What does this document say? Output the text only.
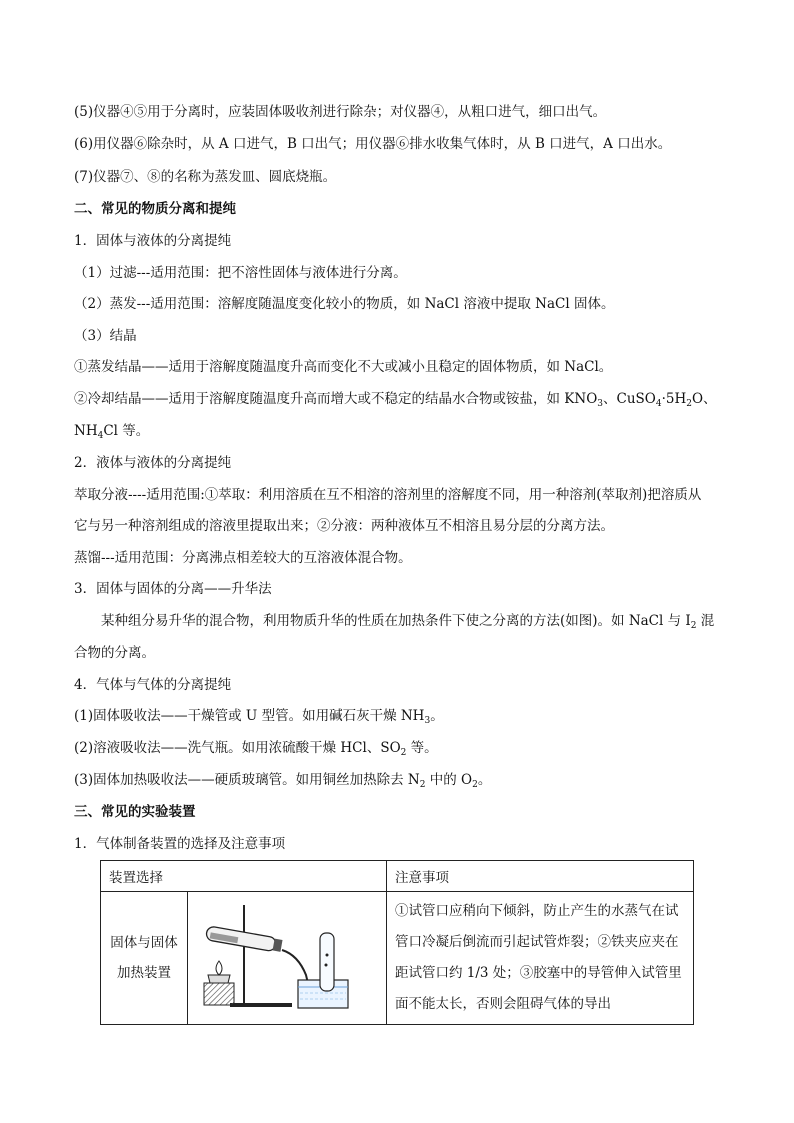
(5)仪器④⑤用于分离时，应装固体吸收剂进行除杂；对仪器④，从粗口进气，细口出气。
(6)用仪器⑥除杂时，从 A 口进气，B 口出气；用仪器⑥排水收集气体时，从 B 口进气，A 口出水。
(7)仪器⑦、⑧的名称为蒸发皿、圆底烧瓶。
二、常见的物质分离和提纯
1．固体与液体的分离提纯
（1）过滤---适用范围：把不溶性固体与液体进行分离。
（2）蒸发---适用范围：溶解度随温度变化较小的物质，如 NaCl 溶液中提取 NaCl 固体。
（3）结晶
①蒸发结晶——适用于溶解度随温度升高而变化不大或减小且稳定的固体物质，如 NaCl。
②冷却结晶——适用于溶解度随温度升高而增大或不稳定的结晶水合物或铵盐，如 $KNO_3$、$CuSO_4\cdot 5H_2O$、
$NH_4Cl$ 等。
2．液体与液体的分离提纯
萃取分液----适用范围:①萃取：利用溶质在互不相溶的溶剂里的溶解度不同，用一种溶剂(萃取剂)把溶质从
它与另一种溶剂组成的溶液里提取出来；②分液：两种液体互不相溶且易分层的分离方法。
蒸馏---适用范围：分离沸点相差较大的互溶液体混合物。
3．固体与固体的分离——升华法
某种组分易升华的混合物，利用物质升华的性质在加热条件下使之分离的方法(如图)。如 NaCl 与 $I_2$ 混
合物的分离。
4．气体与气体的分离提纯
(1)固体吸收法——干燥管或 U 型管。如用碱石灰干燥 $NH_3$。
(2)溶液吸收法——洗气瓶。如用浓硫酸干燥 HCl、$SO_2$ 等。
(3)固体加热吸收法——硬质玻璃管。如用铜丝加热除去 $N_2$ 中的 $O_2$。
三、常见的实验装置
1．气体制备装置的选择及注意事项
装置选择		注意事项

固体与固体
加热装置		①试管口应稍向下倾斜，防止产生的水蒸气在试管口冷凝后倒流而引起试管炸裂；②铁夹应夹在距试管口约 1/3 处；③胶塞中的导管伸入试管里面不能太长，否则会阻碍气体的导出
